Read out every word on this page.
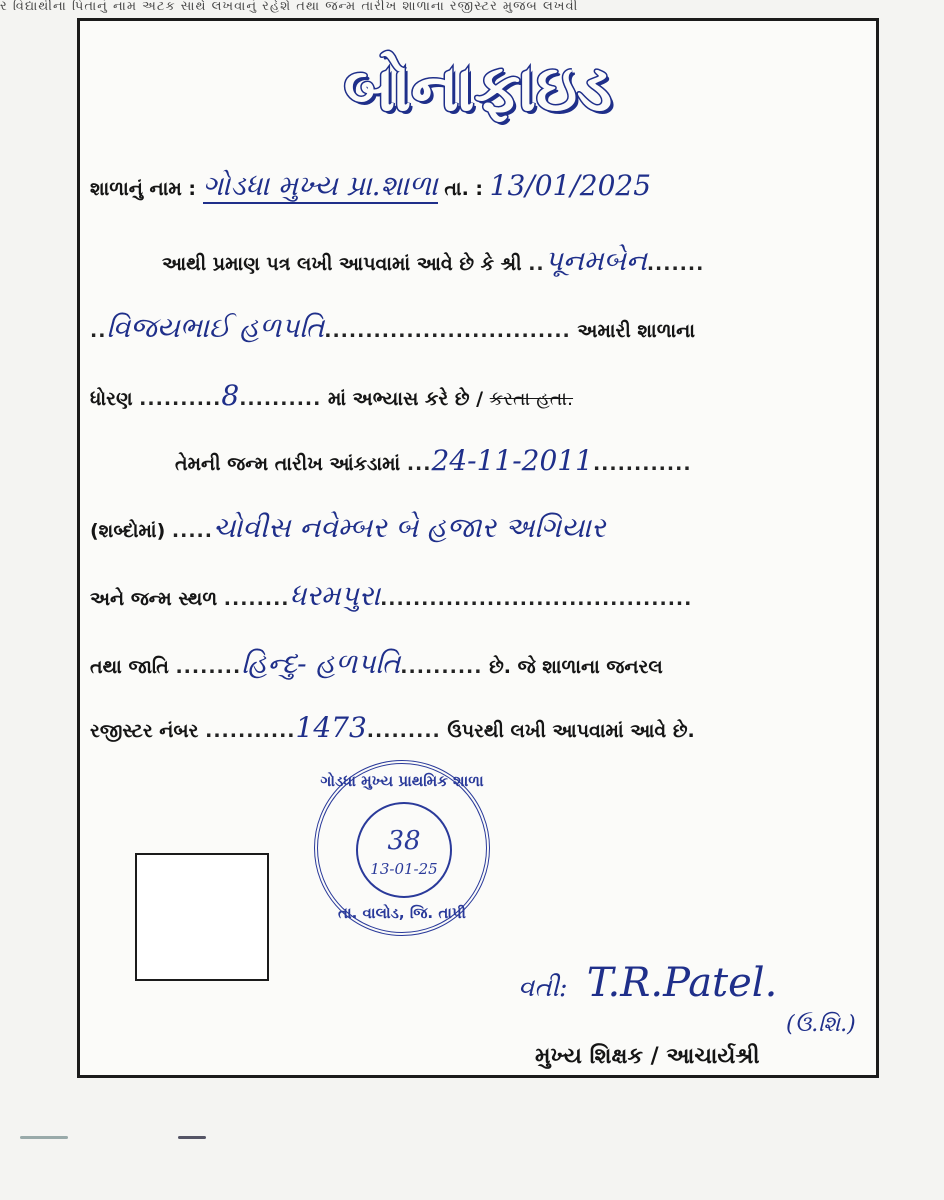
ર વિદ્યાર્થીના પિતાનું નામ અટક સાથે લખવાનું રહેશે તથા જન્મ તારીખ શાળાના રજીસ્ટર મુજબ લખવી
બોનાફાઇડ
શાળાનું નામ : ગોડધા મુખ્ય પ્રા.શાળા તા. : 13/01/2025
આથી પ્રમાણ પત્ર લખી આપવામાં આવે છે કે શ્રી ..પૂનમબેન.......
..વિજયભાઈ હળપતિ.............................. અમારી શાળાના
ધોરણ ..........8.......... માં અભ્યાસ કરે છે / કરતા હતા.
તેમની જન્મ તારીખ આંકડામાં ...24-11-2011............
(શબ્દોમાં) .....ચોવીસ નવેમ્બર બે હજાર અગિયાર
અને જન્મ સ્થળ ........ધરમપુરા......................................
તથા જાતિ ........હિન્દુ- હળપતિ.......... છે. જે શાળાના જનરલ
રજીસ્ટર નંબર ...........1473......... ઉપરથી લખી આપવામાં આવે છે.
ગોડધા મુખ્ય પ્રાથમિક શાળા
38
13-01-25
તા. વાલોડ, જિ. તાપી
વતી: T.R.Patel.
(ઉ.શિ.)
મુખ્ય શિક્ષક / આચાર્યશ્રી
